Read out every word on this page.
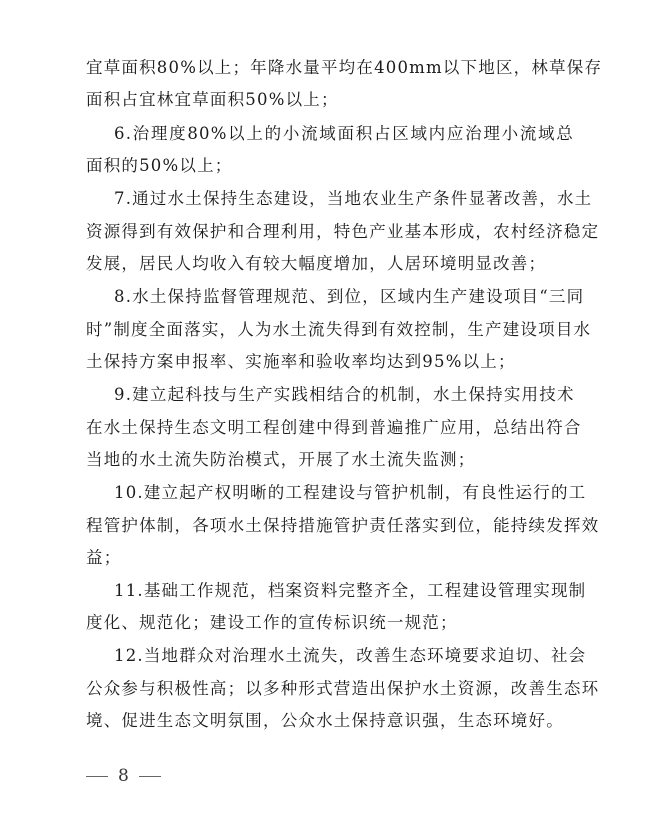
宜草面积80%以上；年降水量平均在400mm以下地区，林草保存
面积占宜林宜草面积50%以上；
6.治理度80%以上的小流域面积占区域内应治理小流域总
面积的50%以上；
7.通过水土保持生态建设，当地农业生产条件显著改善，水土
资源得到有效保护和合理利用，特色产业基本形成，农村经济稳定
发展，居民人均收入有较大幅度增加，人居环境明显改善；
8.水土保持监督管理规范、到位，区域内生产建设项目“三同
时”制度全面落实，人为水土流失得到有效控制，生产建设项目水
土保持方案申报率、实施率和验收率均达到95%以上；
9.建立起科技与生产实践相结合的机制，水土保持实用技术
在水土保持生态文明工程创建中得到普遍推广应用，总结出符合
当地的水土流失防治模式，开展了水土流失监测；
10.建立起产权明晰的工程建设与管护机制，有良性运行的工
程管护体制，各项水土保持措施管护责任落实到位，能持续发挥效
益；
11.基础工作规范，档案资料完整齐全，工程建设管理实现制
度化、规范化；建设工作的宣传标识统一规范；
12.当地群众对治理水土流失，改善生态环境要求迫切、社会
公众参与积极性高；以多种形式营造出保护水土资源，改善生态环
境、促进生态文明氛围，公众水土保持意识强，生态环境好。
8
